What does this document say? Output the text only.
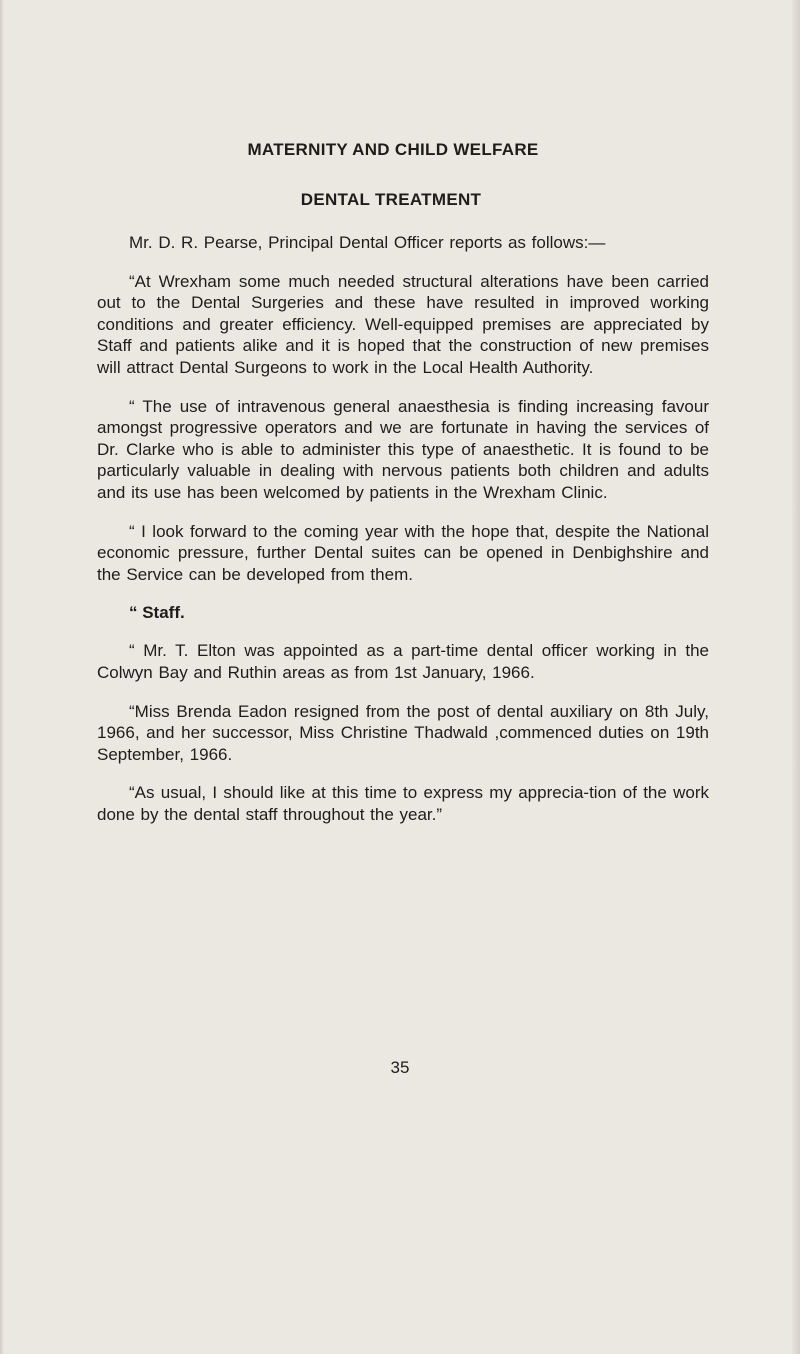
MATERNITY AND CHILD WELFARE
DENTAL TREATMENT

Mr. D. R. Pearse, Principal Dental Officer reports as follows:—

“At Wrexham some much needed structural alterations have been carried out to the Dental Surgeries and these have resulted in improved working conditions and greater efficiency. Well-equipped premises are appreciated by Staff and patients alike and it is hoped that the construction of new premises will attract Dental Surgeons to work in the Local Health Authority.

“ The use of intravenous general anaesthesia is finding increasing favour amongst progressive operators and we are fortunate in having the services of Dr. Clarke who is able to administer this type of anaesthetic. It is found to be particularly valuable in dealing with nervous patients both children and adults and its use has been welcomed by patients in the Wrexham Clinic.

“ I look forward to the coming year with the hope that, despite the National economic pressure, further Dental suites can be opened in Denbighshire and the Service can be developed from them.

“ Staff.

“ Mr. T. Elton was appointed as a part-time dental officer working in the Colwyn Bay and Ruthin areas as from 1st January, 1966.

“Miss Brenda Eadon resigned from the post of dental auxiliary on 8th July, 1966, and her successor, Miss Christine Thadwald ,commenced duties on 19th September, 1966.

“As usual, I should like at this time to express my apprecia-tion of the work done by the dental staff throughout the year.”

35
